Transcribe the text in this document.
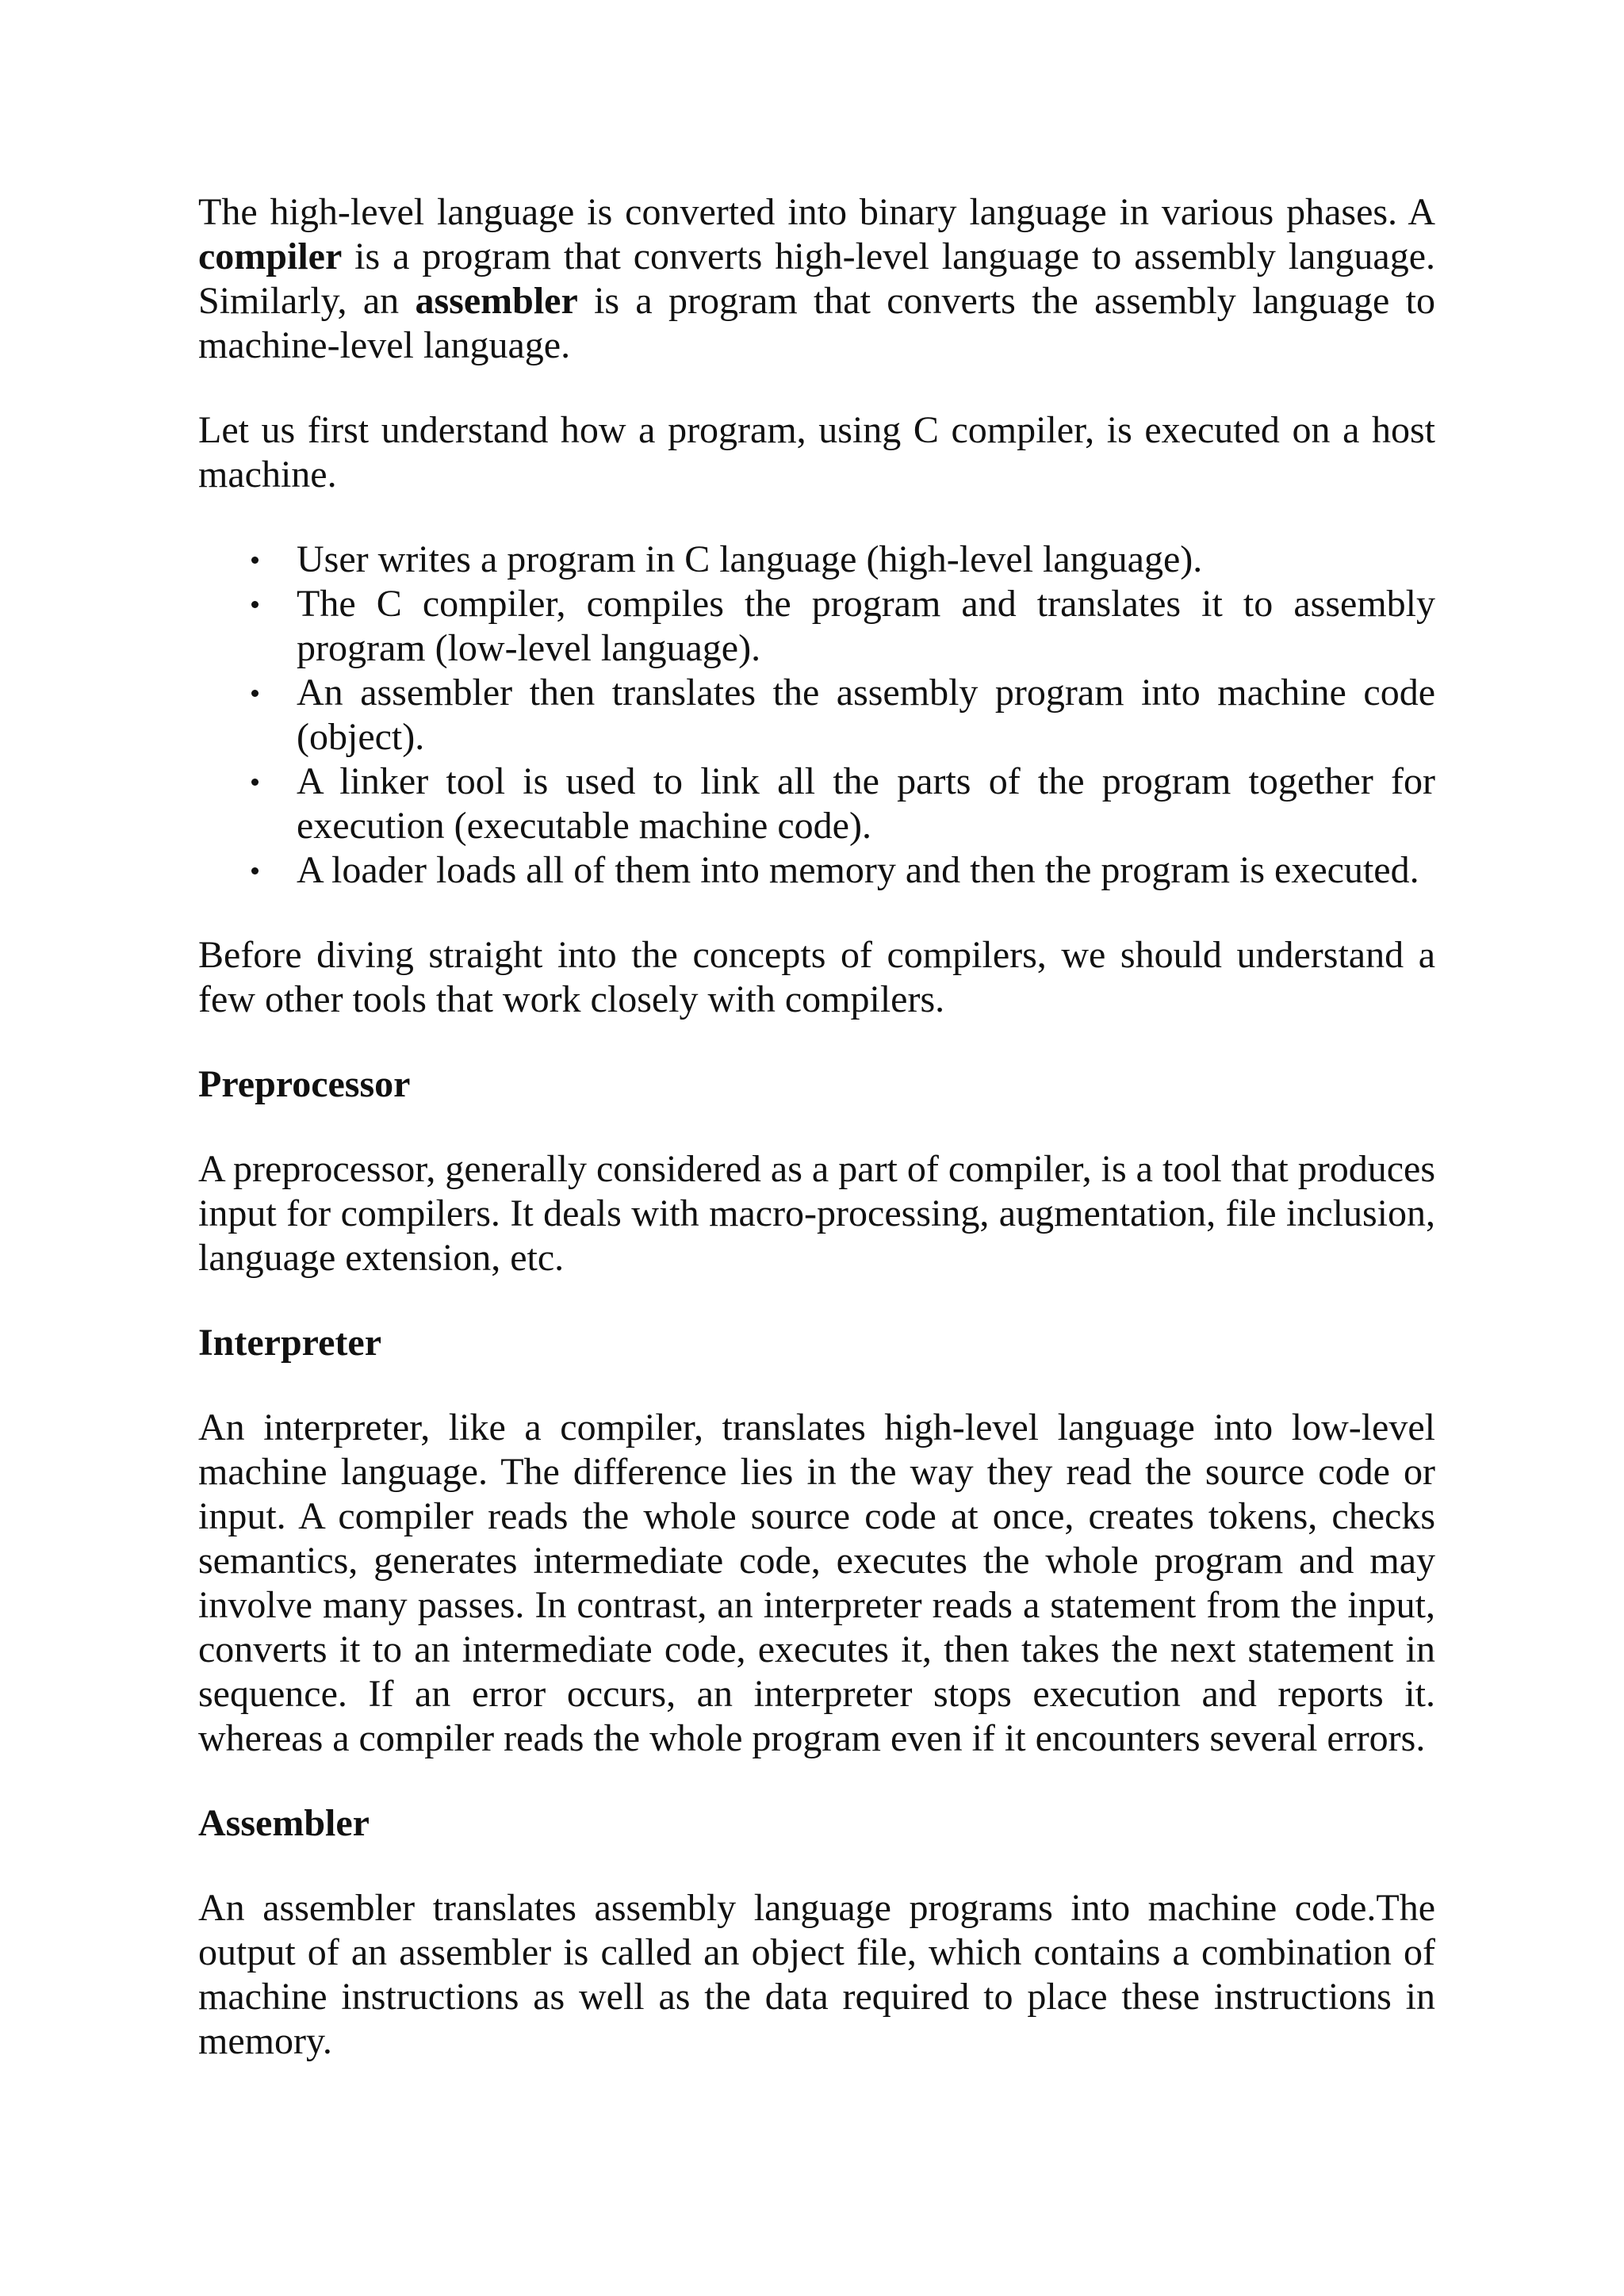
The high-level language is converted into binary language in various phases. A compiler is a program that converts high-level language to assembly language. Similarly, an assembler is a program that converts the assembly language to machine-level language.

Let us first understand how a program, using C compiler, is executed on a host machine.

User writes a program in C language (high-level language).
The C compiler, compiles the program and translates it to assembly program (low-level language).
An assembler then translates the assembly program into machine code (object).
A linker tool is used to link all the parts of the program together for execution (executable machine code).
A loader loads all of them into memory and then the program is executed.

Before diving straight into the concepts of compilers, we should understand a few other tools that work closely with compilers.

Preprocessor

A preprocessor, generally considered as a part of compiler, is a tool that produces input for compilers. It deals with macro-processing, augmentation, file inclusion, language extension, etc.

Interpreter

An interpreter, like a compiler, translates high-level language into low-level machine language. The difference lies in the way they read the source code or input. A compiler reads the whole source code at once, creates tokens, checks semantics, generates intermediate code, executes the whole program and may involve many passes. In contrast, an interpreter reads a statement from the input, converts it to an intermediate code, executes it, then takes the next statement in sequence. If an error occurs, an interpreter stops execution and reports it. whereas a compiler reads the whole program even if it encounters several errors.

Assembler

An assembler translates assembly language programs into machine code.The output of an assembler is called an object file, which contains a combination of machine instructions as well as the data required to place these instructions in memory.
